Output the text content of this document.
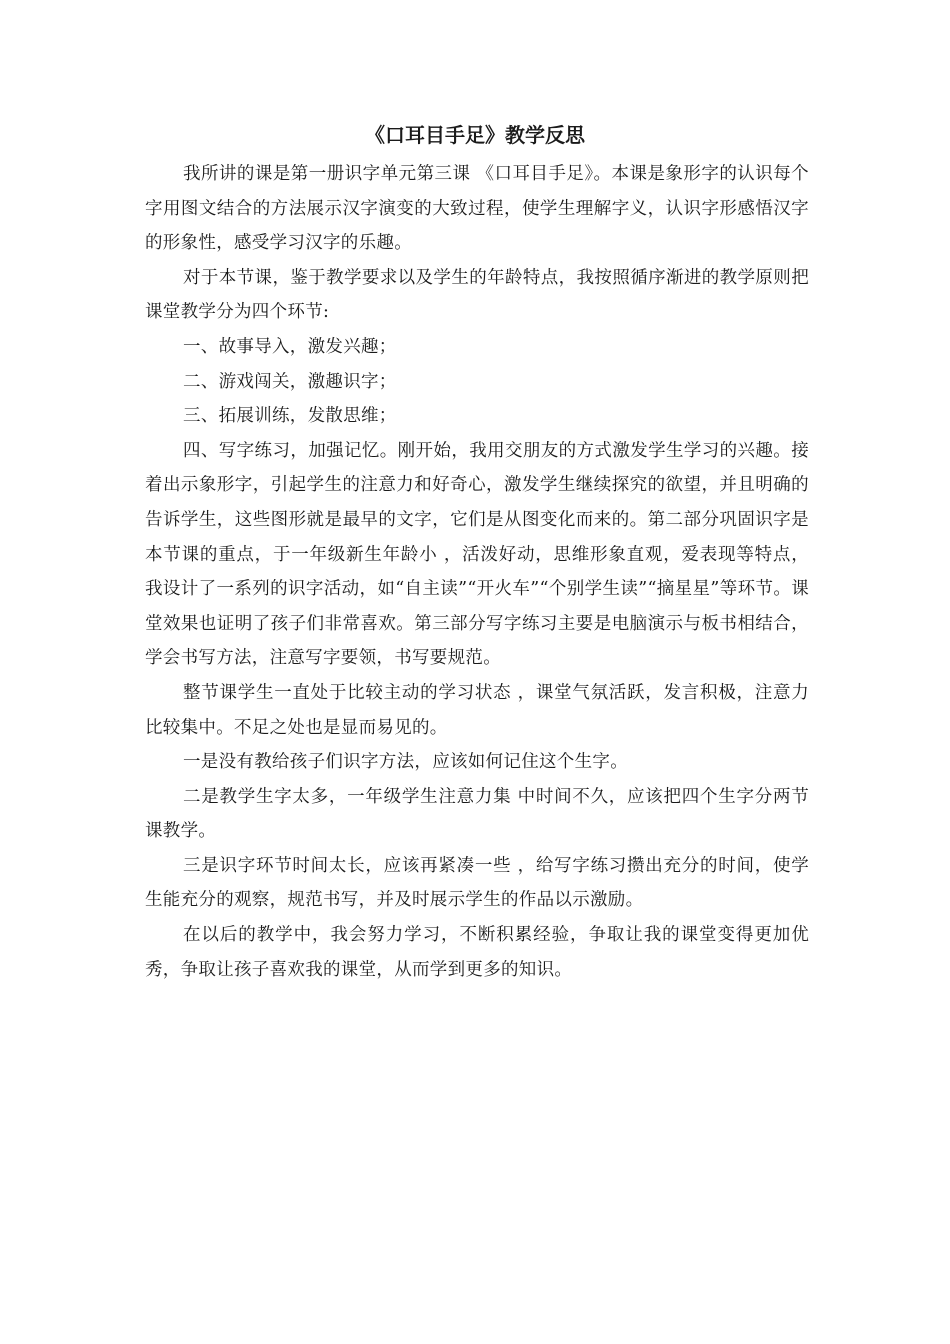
《口耳目手足》教学反思

我所讲的课是第一册识字单元第三课 《口耳目手足》。本课是象形字的认识每个字用图文结合的方法展示汉字演变的大致过程，使学生理解字义，认识字形感悟汉字的形象性，感受学习汉字的乐趣。

对于本节课，鉴于教学要求以及学生的年龄特点，我按照循序渐进的教学原则把课堂教学分为四个环节:

一、故事导入，激发兴趣；

二、游戏闯关，激趣识字；

三、拓展训练，发散思维；

四、写字练习，加强记忆。刚开始，我用交朋友的方式激发学生学习的兴趣。接着出示象形字，引起学生的注意力和好奇心，激发学生继续探究的欲望，并且明确的告诉学生，这些图形就是最早的文字，它们是从图变化而来的。第二部分巩固识字是本节课的重点，于一年级新生年龄小 ，活泼好动，思维形象直观，爱表现等特点，我设计了一系列的识字活动，如“自主读”“开火车”“个别学生读”“摘星星”等环节。课堂效果也证明了孩子们非常喜欢。第三部分写字练习主要是电脑演示与板书相结合，学会书写方法，注意写字要领，书写要规范。

整节课学生一直处于比较主动的学习状态 ，课堂气氛活跃，发言积极，注意力比较集中。不足之处也是显而易见的。

一是没有教给孩子们识字方法，应该如何记住这个生字。

二是教学生字太多，一年级学生注意力集 中时间不久，应该把四个生字分两节课教学。

三是识字环节时间太长，应该再紧凑一些 ，给写字练习攒出充分的时间，使学生能充分的观察，规范书写，并及时展示学生的作品以示激励。

在以后的教学中，我会努力学习，不断积累经验，争取让我的课堂变得更加优秀，争取让孩子喜欢我的课堂，从而学到更多的知识。
